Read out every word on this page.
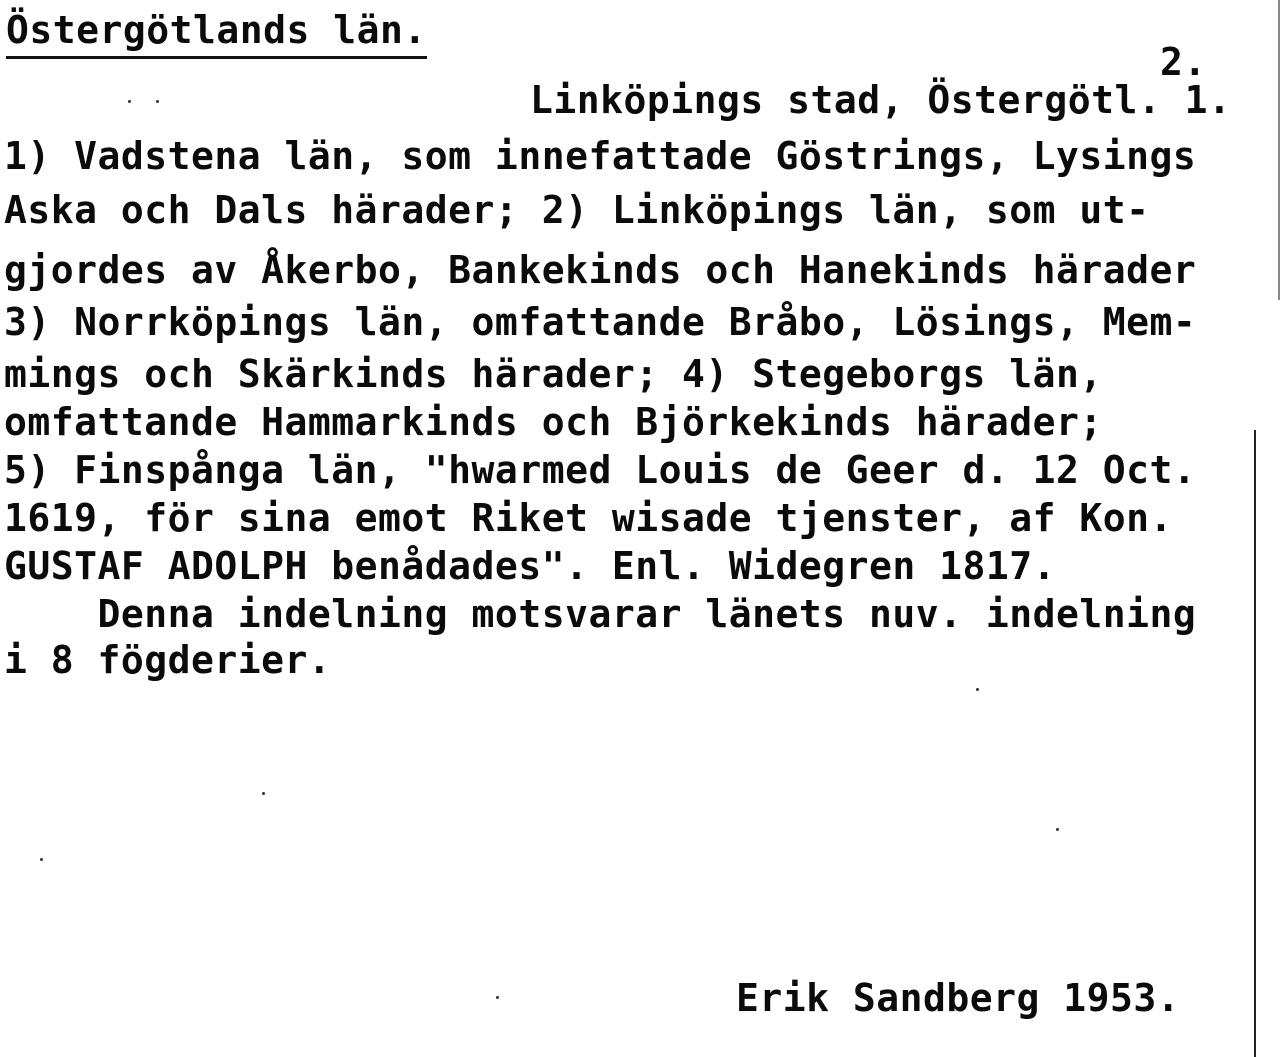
Östergötlands län.
2.
Linköpings stad, Östergötl. 1.
1) Vadstena län, som innefattade Göstrings, Lysings
Aska och Dals härader; 2) Linköpings län, som ut-
gjordes av Åkerbo, Bankekinds och Hanekinds härader
3) Norrköpings län, omfattande Bråbo, Lösings, Mem-
mings och Skärkinds härader; 4) Stegeborgs län,
omfattande Hammarkinds och Björkekinds härader;
5) Finspånga län, "hwarmed Louis de Geer d. 12 Oct.
1619, för sina emot Riket wisade tjenster, af Kon.
GUSTAF ADOLPH benådades". Enl. Widegren 1817.
Denna indelning motsvarar länets nuv. indelning
i 8 fögderier.
Erik Sandberg 1953.
